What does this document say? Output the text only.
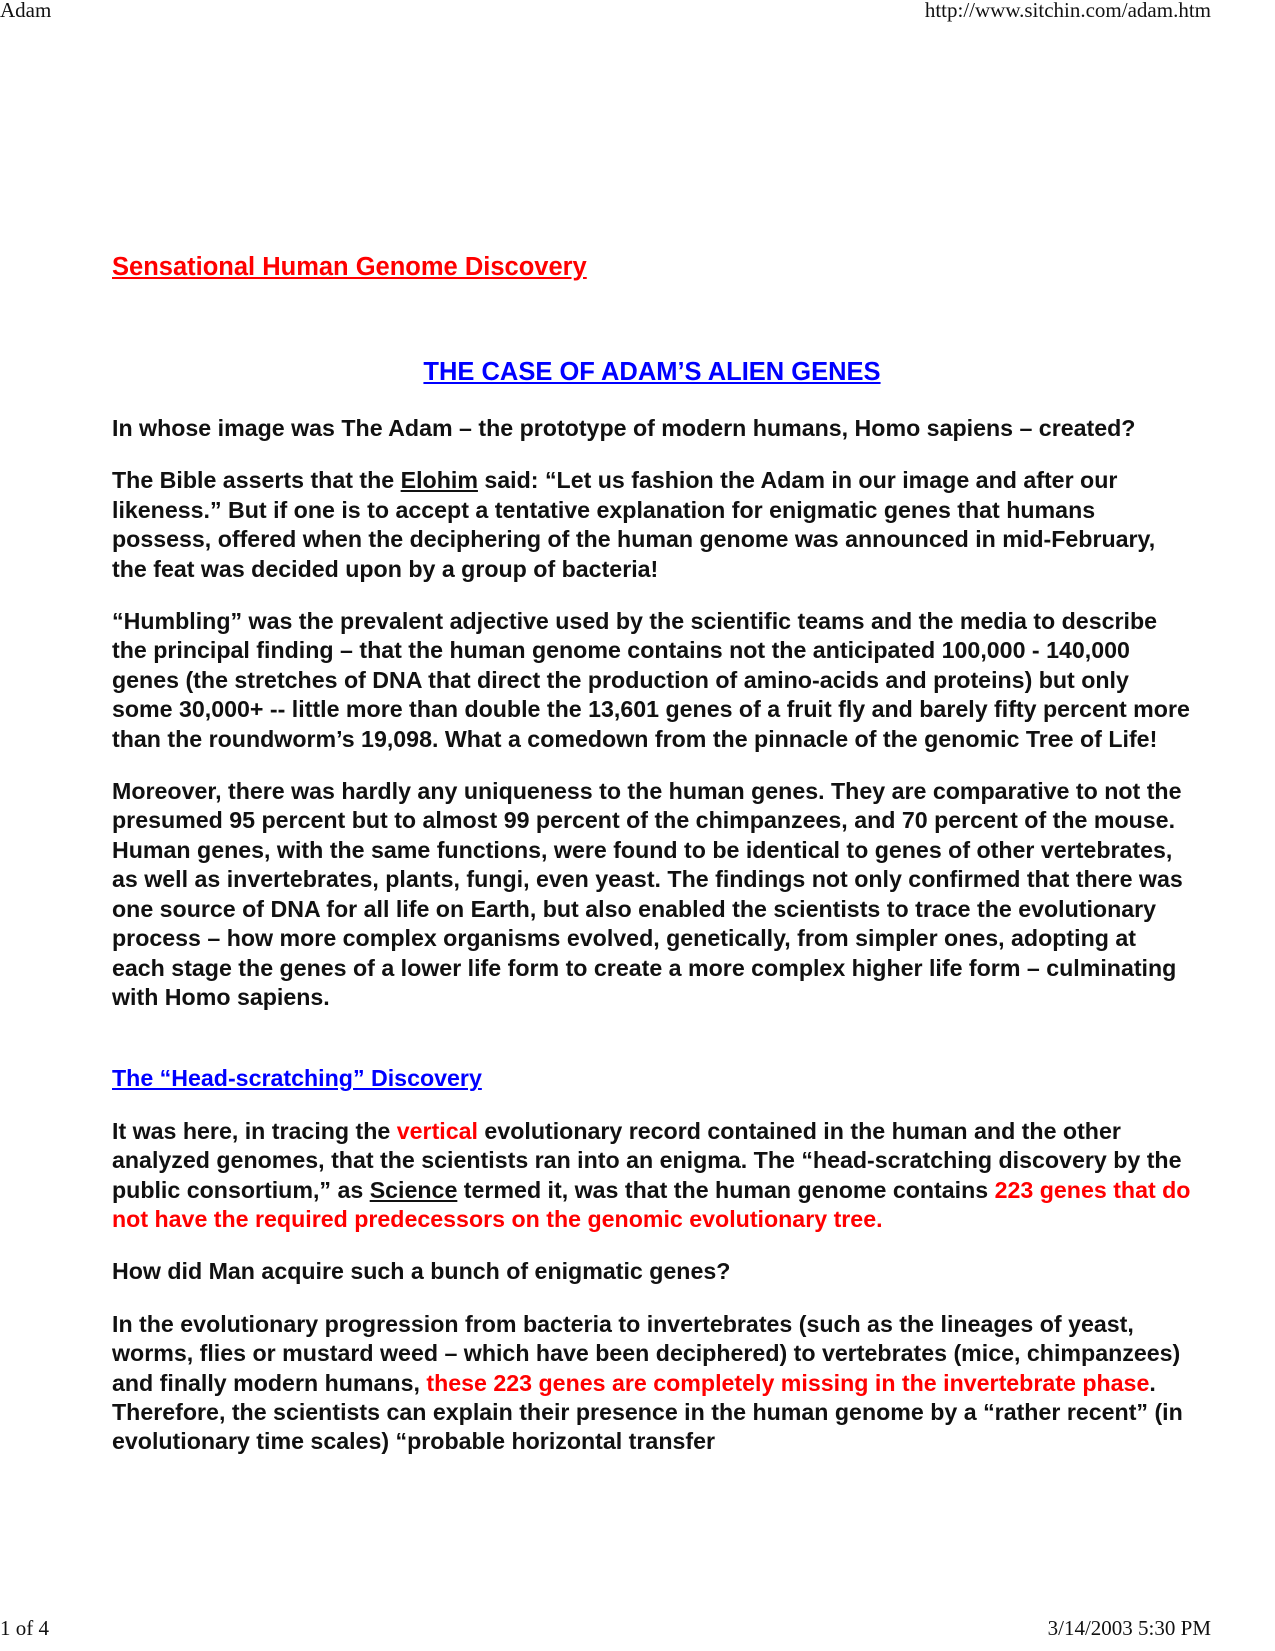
Adam	http://www.sitchin.com/adam.htm

Sensational Human Genome Discovery

THE CASE OF ADAM’S ALIEN GENES

In whose image was The Adam – the prototype of modern humans, Homo sapiens – created?

The Bible asserts that the Elohim said: “Let us fashion the Adam in our image and after our likeness.” But if one is to accept a tentative explanation for enigmatic genes that humans possess, offered when the deciphering of the human genome was announced in mid-February, the feat was decided upon by a group of bacteria!

“Humbling” was the prevalent adjective used by the scientific teams and the media to describe the principal finding – that the human genome contains not the anticipated 100,000 - 140,000 genes (the stretches of DNA that direct the production of amino-acids and proteins) but only some 30,000+ -- little more than double the 13,601 genes of a fruit fly and barely fifty percent more than the roundworm’s 19,098. What a comedown from the pinnacle of the genomic Tree of Life!

Moreover, there was hardly any uniqueness to the human genes. They are comparative to not the presumed 95 percent but to almost 99 percent of the chimpanzees, and 70 percent of the mouse. Human genes, with the same functions, were found to be identical to genes of other vertebrates, as well as invertebrates, plants, fungi, even yeast. The findings not only confirmed that there was one source of DNA for all life on Earth, but also enabled the scientists to trace the evolutionary process – how more complex organisms evolved, genetically, from simpler ones, adopting at each stage the genes of a lower life form to create a more complex higher life form – culminating with Homo sapiens.

The “Head-scratching” Discovery

It was here, in tracing the vertical evolutionary record contained in the human and the other analyzed genomes, that the scientists ran into an enigma. The “head-scratching discovery by the public consortium,” as Science termed it, was that the human genome contains 223 genes that do not have the required predecessors on the genomic evolutionary tree.

How did Man acquire such a bunch of enigmatic genes?

In the evolutionary progression from bacteria to invertebrates (such as the lineages of yeast, worms, flies or mustard weed – which have been deciphered) to vertebrates (mice, chimpanzees) and finally modern humans, these 223 genes are completely missing in the invertebrate phase. Therefore, the scientists can explain their presence in the human genome by a “rather recent” (in evolutionary time scales) “probable horizontal transfer

1 of 4	3/14/2003 5:30 PM
